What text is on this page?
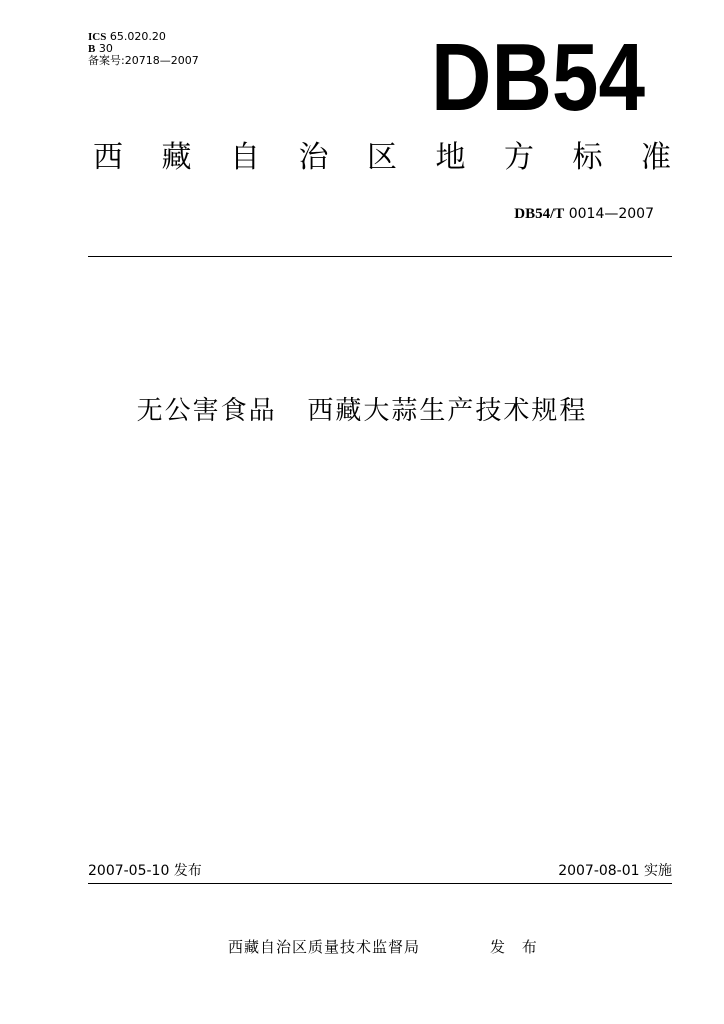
ICS 65.020.20
B 30
备案号:20718—2007 DB54
西 藏 自 治 区 地 方 标 准
DB54/T 0014—2007
无公害食品   西藏大蒜生产技术规程
2007-05-10 发布	2007-08-01 实施
西藏自治区质量技术监督局	发 布
